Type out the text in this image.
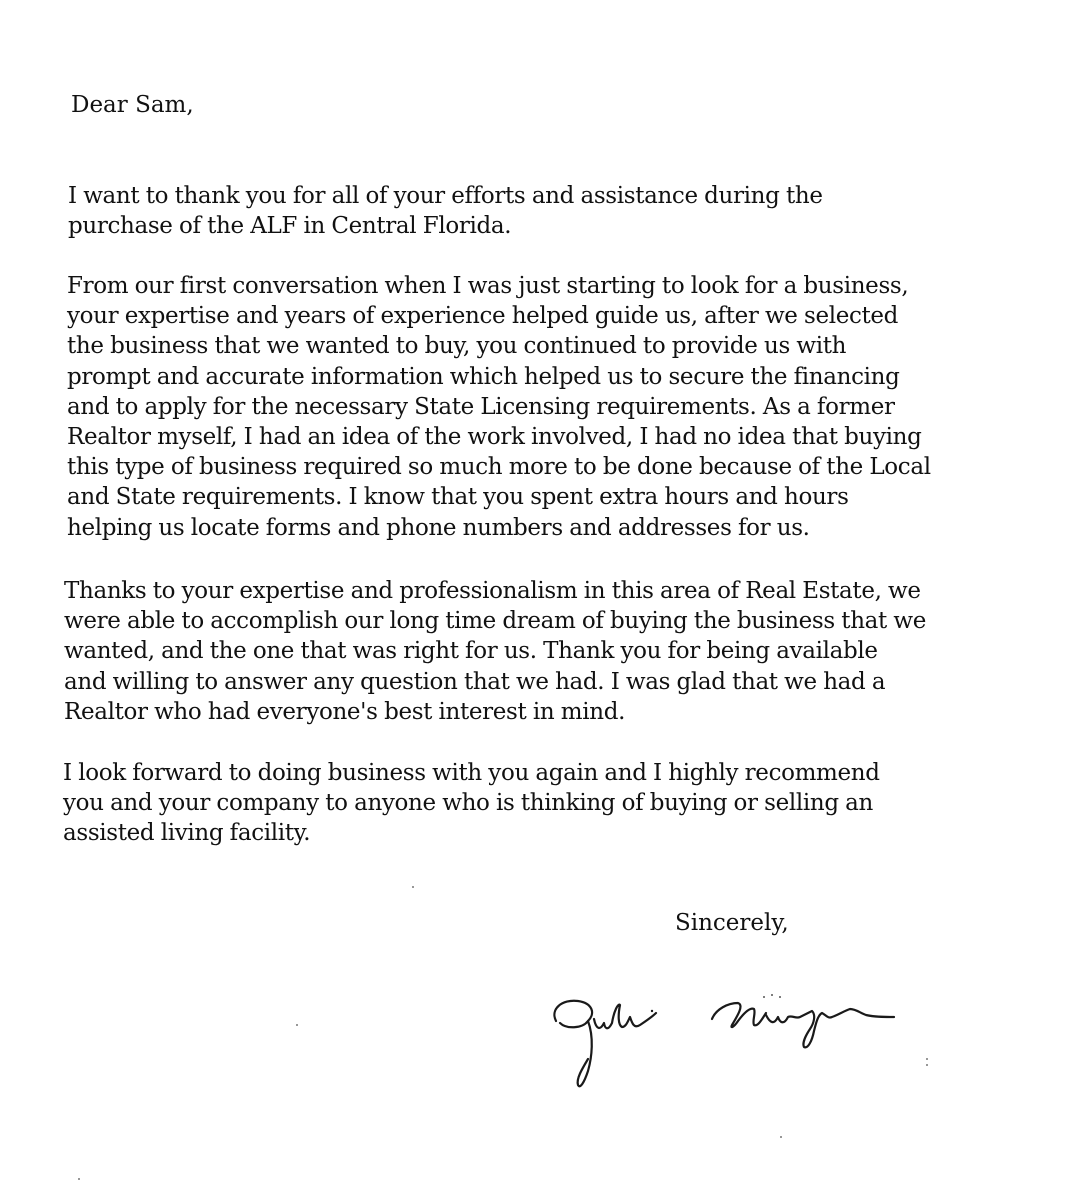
Dear Sam,

I want to thank you for all of your efforts and assistance during the
purchase of the ALF in Central Florida.

From our first conversation when I was just starting to look for a business,
your expertise and years of experience helped guide us, after we selected
the business that we wanted to buy, you continued to provide us with
prompt and accurate information which helped us to secure the financing
and to apply for the necessary State Licensing requirements. As a former
Realtor myself, I had an idea of the work involved, I had no idea that buying
this type of business required so much more to be done because of the Local
and State requirements. I know that you spent extra hours and hours
helping us locate forms and phone numbers and addresses for us.

Thanks to your expertise and professionalism in this area of Real Estate, we
were able to accomplish our long time dream of buying the business that we
wanted, and the one that was right for us. Thank you for being available
and willing to answer any question that we had. I was glad that we had a
Realtor who had everyone's best interest in mind.

I look forward to doing business with you again and I highly recommend
you and your company to anyone who is thinking of buying or selling an
assisted living facility.

Sincerely,
